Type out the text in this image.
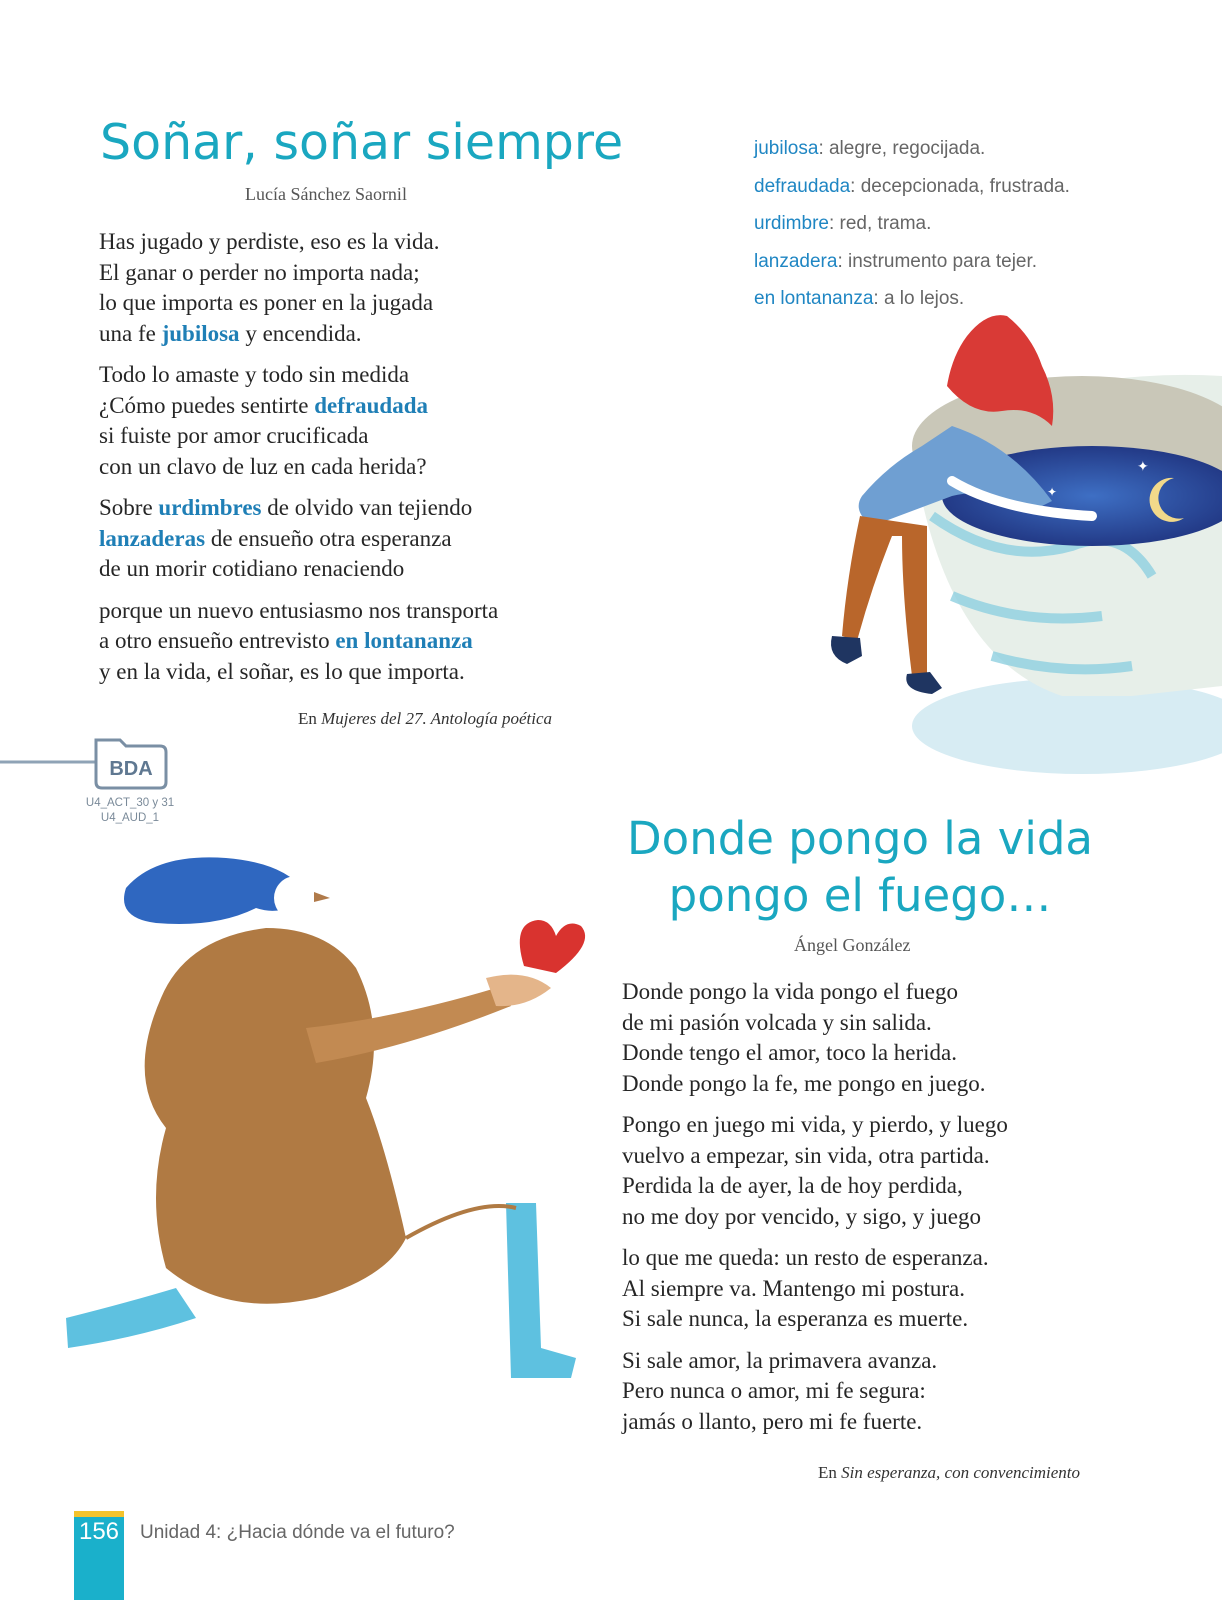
Soñar, soñar siempre
Lucía Sánchez Saornil
Has jugado y perdiste, eso es la vida.
El ganar o perder no importa nada;
lo que importa es poner en la jugada
una fe jubilosa y encendida.
Todo lo amaste y todo sin medida
¿Cómo puedes sentirte defraudada
si fuiste por amor crucificada
con un clavo de luz en cada herida?
Sobre urdimbres de olvido van tejiendo
lanzaderas de ensueño otra esperanza
de un morir cotidiano renaciendo
porque un nuevo entusiasmo nos transporta
a otro ensueño entrevisto en lontananza
y en la vida, el soñar, es lo que importa.
En Mujeres del 27. Antología poética
jubilosa: alegre, regocijada.
defraudada: decepcionada, frustrada.
urdimbre: red, trama.
lanzadera: instrumento para tejer.
en lontananza: a lo lejos.
✦
✦
BDA
U4_ACT_30 y 31
U4_AUD_1	Donde pongo la vida
pongo el fuego…
Ángel González
Donde pongo la vida pongo el fuego
de mi pasión volcada y sin salida.
Donde tengo el amor, toco la herida.
Donde pongo la fe, me pongo en juego.
Pongo en juego mi vida, y pierdo, y luego
vuelvo a empezar, sin vida, otra partida.
Perdida la de ayer, la de hoy perdida,
no me doy por vencido, y sigo, y juego
lo que me queda: un resto de esperanza.
Al siempre va. Mantengo mi postura.
Si sale nunca, la esperanza es muerte.
Si sale amor, la primavera avanza.
Pero nunca o amor, mi fe segura:
jamás o llanto, pero mi fe fuerte.
En Sin esperanza, con convencimiento
156 Unidad 4: ¿Hacia dónde va el futuro?
